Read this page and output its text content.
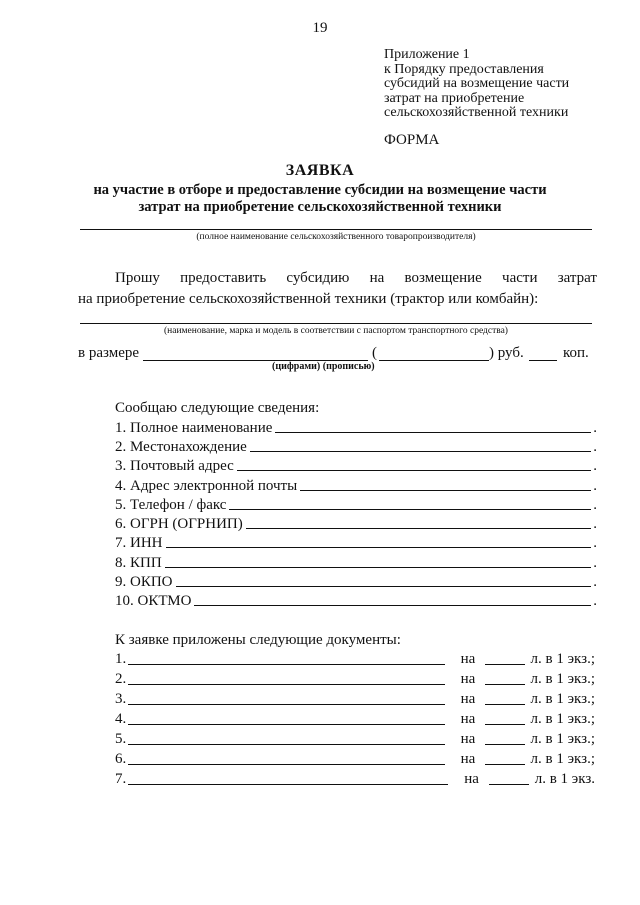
19
Приложение 1
к Порядку предоставления
субсидий на возмещение части
затрат на приобретение
сельскохозяйственной техники
ФОРМА
ЗАЯВКА
на участие в отборе и предоставление субсидии на возмещение части
затрат на приобретение сельскохозяйственной техники
(полное наименование сельскохозяйственного товаропроизводителя)
Прошу предоставить субсидию на возмещение части затрат
на приобретение сельскохозяйственной техники (трактор или комбайн):
(наименование, марка и модель в соответствии с паспортом транспортного средства)
в размере	(	) руб.	коп.
(цифрами) (прописью)
Сообщаю следующие сведения:
1. Полное наименование	.
2. Местонахождение	.
3. Почтовый адрес	.
4. Адрес электронной почты	.
5. Телефон / факс	.
6. ОГРН (ОГРНИП)	.
7. ИНН	.
8. КПП	.
9. ОКПО	.
10. ОКТМО	.
К заявке приложены следующие документы:
1.	на	л. в 1 экз.;
2.	на	л. в 1 экз.;
3.	на	л. в 1 экз.;
4.	на	л. в 1 экз.;
5.	на	л. в 1 экз.;
6.	на	л. в 1 экз.;
7.	на	л. в 1 экз.
